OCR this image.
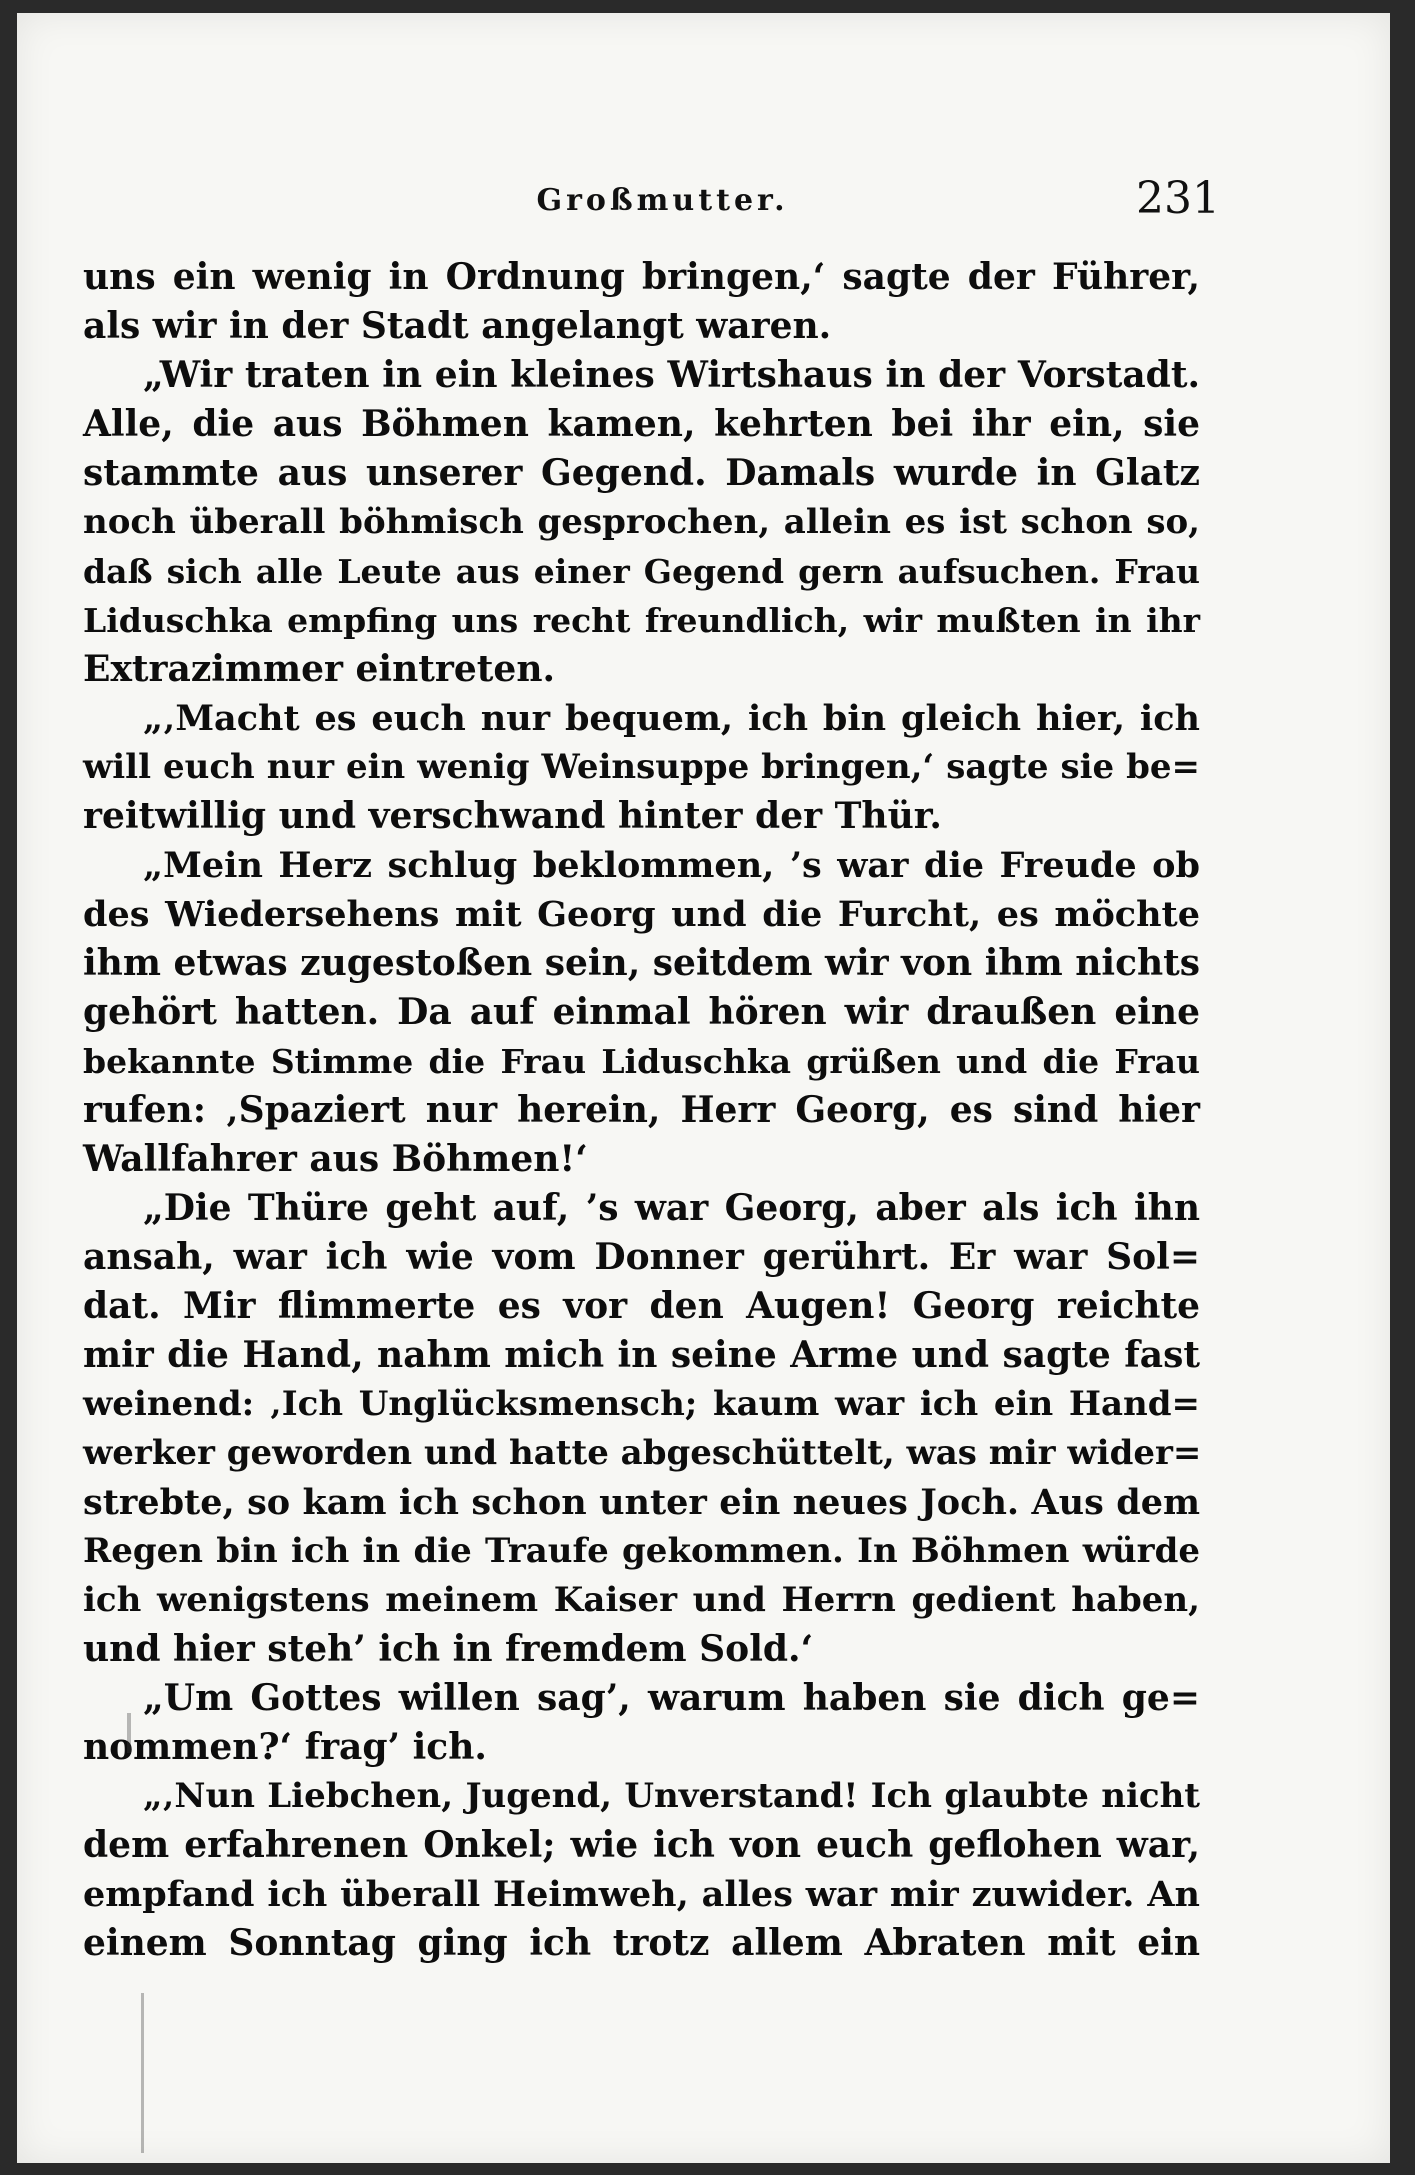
Großmutter.	231
uns ein wenig in Ordnung bringen,‘ sagte der Führer,
als wir in der Stadt angelangt waren.
„Wir traten in ein kleines Wirtshaus in der Vorstadt.
Alle, die aus Böhmen kamen, kehrten bei ihr ein, sie
stammte aus unserer Gegend. Damals wurde in Glatz
noch überall böhmisch gesprochen, allein es ist schon so,
daß sich alle Leute aus einer Gegend gern aufsuchen. Frau
Liduschka empfing uns recht freundlich, wir mußten in ihr
Extrazimmer eintreten.
„‚Macht es euch nur bequem, ich bin gleich hier, ich
will euch nur ein wenig Weinsuppe bringen,‘ sagte sie be=
reitwillig und verschwand hinter der Thür.
„Mein Herz schlug beklommen, ’s war die Freude ob
des Wiedersehens mit Georg und die Furcht, es möchte
ihm etwas zugestoßen sein, seitdem wir von ihm nichts
gehört hatten. Da auf einmal hören wir draußen eine
bekannte Stimme die Frau Liduschka grüßen und die Frau
rufen: ‚Spaziert nur herein, Herr Georg, es sind hier
Wallfahrer aus Böhmen!‘
„Die Thüre geht auf, ’s war Georg, aber als ich ihn
ansah, war ich wie vom Donner gerührt. Er war Sol=
dat. Mir flimmerte es vor den Augen! Georg reichte
mir die Hand, nahm mich in seine Arme und sagte fast
weinend: ‚Ich Unglücksmensch; kaum war ich ein Hand=
werker geworden und hatte abgeschüttelt, was mir wider=
strebte, so kam ich schon unter ein neues Joch. Aus dem
Regen bin ich in die Traufe gekommen. In Böhmen würde
ich wenigstens meinem Kaiser und Herrn gedient haben,
und hier steh’ ich in fremdem Sold.‘
„Um Gottes willen sag’, warum haben sie dich ge=
nommen?‘ frag’ ich.
„‚Nun Liebchen, Jugend, Unverstand! Ich glaubte nicht
dem erfahrenen Onkel; wie ich von euch geflohen war,
empfand ich überall Heimweh, alles war mir zuwider. An
einem Sonntag ging ich trotz allem Abraten mit ein
